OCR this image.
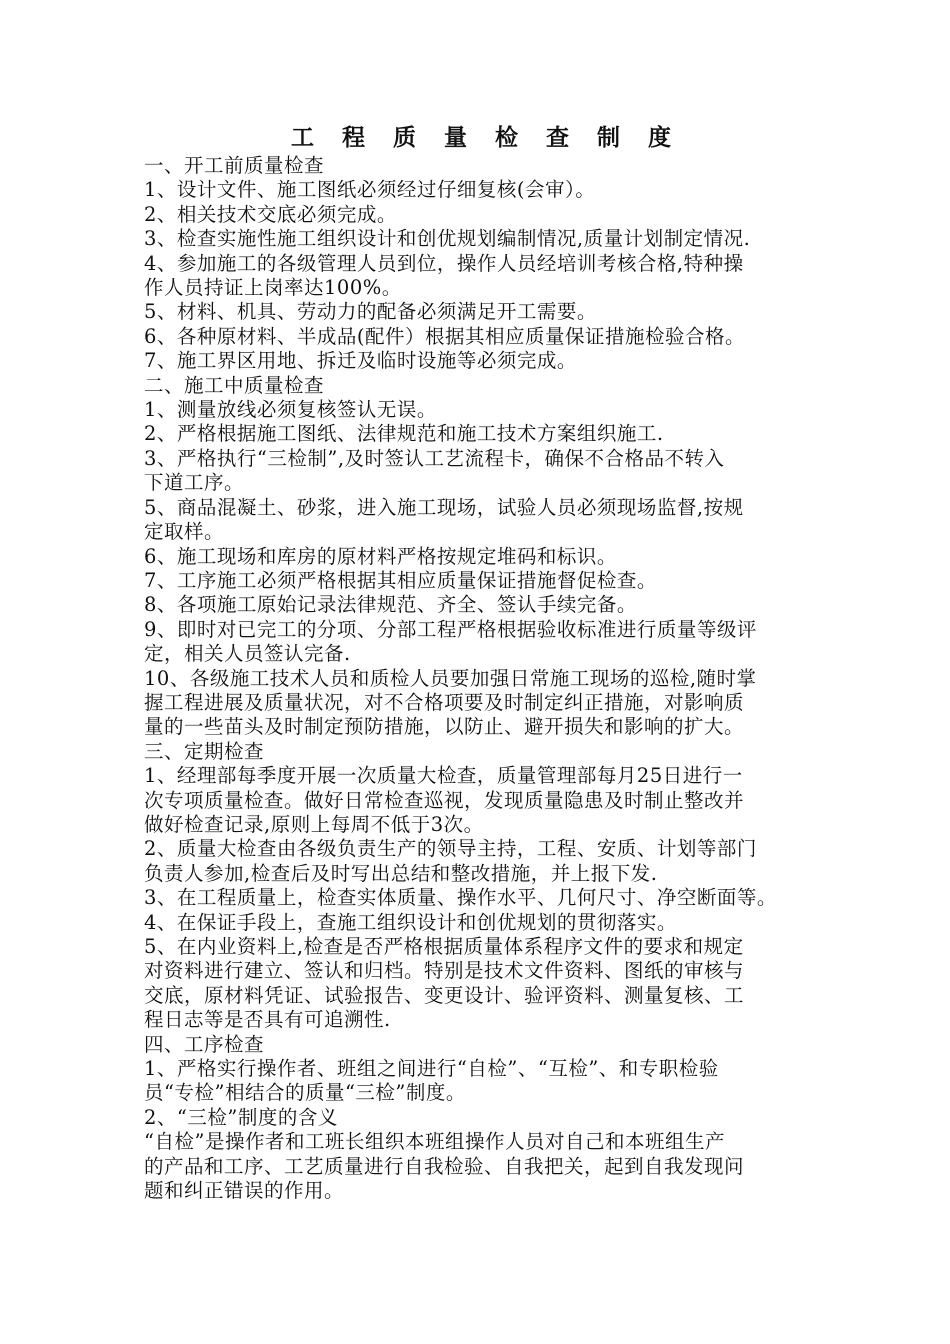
工 程 质 量 检 查 制 度
一、开工前质量检查
1、设计文件、施工图纸必须经过仔细复核(会审）。
2、相关技术交底必须完成。
3、检查实施性施工组织设计和创优规划编制情况,质量计划制定情况.
4、参加施工的各级管理人员到位，操作人员经培训考核合格,特种操
作人员持证上岗率达100%。
5、材料、机具、劳动力的配备必须满足开工需要。
6、各种原材料、半成品(配件）根据其相应质量保证措施检验合格。
7、施工界区用地、拆迁及临时设施等必须完成。
二、施工中质量检查
1、测量放线必须复核签认无误。
2、严格根据施工图纸、法律规范和施工技术方案组织施工.
3、严格执行“三检制”,及时签认工艺流程卡，确保不合格品不转入
下道工序。
5、商品混凝土、砂浆，进入施工现场，试验人员必须现场监督,按规
定取样。
6、施工现场和库房的原材料严格按规定堆码和标识。
7、工序施工必须严格根据其相应质量保证措施督促检查。
8、各项施工原始记录法律规范、齐全、签认手续完备。
9、即时对已完工的分项、分部工程严格根据验收标准进行质量等级评
定，相关人员签认完备.
10、各级施工技术人员和质检人员要加强日常施工现场的巡检,随时掌
握工程进展及质量状况，对不合格项要及时制定纠正措施，对影响质
量的一些苗头及时制定预防措施，以防止、避开损失和影响的扩大。
三、定期检查
1、经理部每季度开展一次质量大检查，质量管理部每月25日进行一
次专项质量检查。做好日常检查巡视，发现质量隐患及时制止整改并
做好检查记录,原则上每周不低于3次。
2、质量大检查由各级负责生产的领导主持，工程、安质、计划等部门
负责人参加,检查后及时写出总结和整改措施，并上报下发.
3、在工程质量上，检查实体质量、操作水平、几何尺寸、净空断面等。
4、在保证手段上，查施工组织设计和创优规划的贯彻落实。
5、在内业资料上,检查是否严格根据质量体系程序文件的要求和规定
对资料进行建立、签认和归档。特别是技术文件资料、图纸的审核与
交底，原材料凭证、试验报告、变更设计、验评资料、测量复核、工
程日志等是否具有可追溯性.
四、工序检查
1、严格实行操作者、班组之间进行“自检”、“互检”、和专职检验
员“专检”相结合的质量“三检”制度。
2、“三检”制度的含义
“自检”是操作者和工班长组织本班组操作人员对自己和本班组生产
的产品和工序、工艺质量进行自我检验、自我把关，起到自我发现问
题和纠正错误的作用。
